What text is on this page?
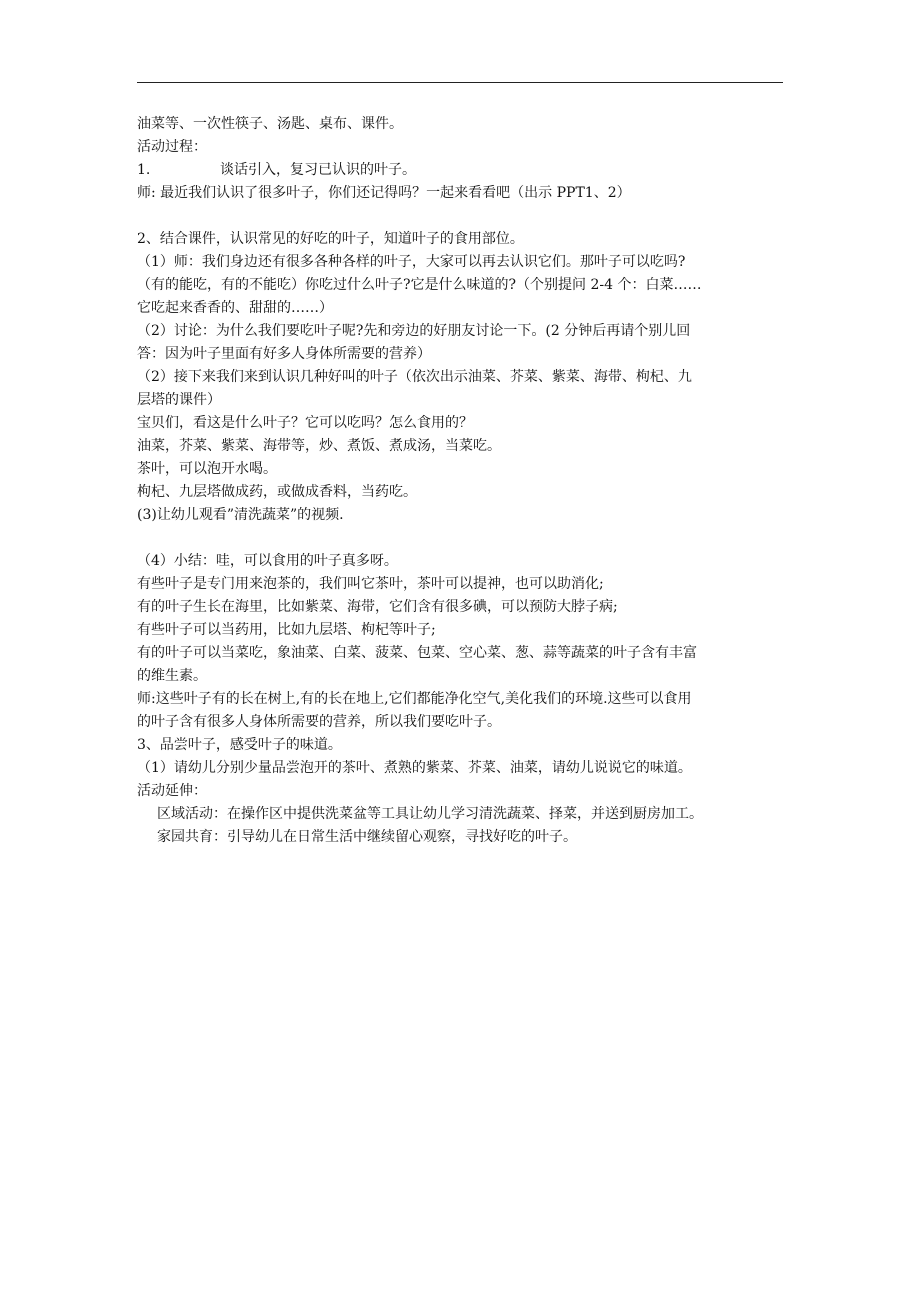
油菜等、一次性筷子、汤匙、桌布、课件。

活动过程：

1.	谈话引入，复习已认识的叶子。

师: 最近我们认识了很多叶子，你们还记得吗？一起来看看吧（出示 PPT1、2）

2、结合课件，认识常见的好吃的叶子，知道叶子的食用部位。

（1）师：我们身边还有很多各种各样的叶子，大家可以再去认识它们。那叶子可以吃吗?

（有的能吃，有的不能吃）你吃过什么叶子?它是什么味道的?（个别提问 2-4 个：白菜……

它吃起来香香的、甜甜的……）

（2）讨论：为什么我们要吃叶子呢?先和旁边的好朋友讨论一下。(2 分钟后再请个别儿回

答：因为叶子里面有好多人身体所需要的营养）

（2）接下来我们来到认识几种好叫的叶子（依次出示油菜、芥菜、紫菜、海带、枸杞、九

层塔的课件）

宝贝们，看这是什么叶子？它可以吃吗？怎么食用的？

油菜，芥菜、紫菜、海带等，炒、煮饭、煮成汤，当菜吃。

茶叶，可以泡开水喝。

枸杞、九层塔做成药，或做成香料，当药吃。

(3)让幼儿观看”清洗蔬菜”的视频.

（4）小结：哇，可以食用的叶子真多呀。

有些叶子是专门用来泡茶的，我们叫它茶叶，茶叶可以提神，也可以助消化;

有的叶子生长在海里，比如紫菜、海带，它们含有很多碘，可以预防大脖子病;

有些叶子可以当药用，比如九层塔、枸杞等叶子;

有的叶子可以当菜吃，象油菜、白菜、菠菜、包菜、空心菜、葱、蒜等蔬菜的叶子含有丰富

的维生素。

师:这些叶子有的长在树上,有的长在地上,它们都能净化空气,美化我们的环境.这些可以食用

的叶子含有很多人身体所需要的营养，所以我们要吃叶子。

3、品尝叶子，感受叶子的味道。

（1）请幼儿分别少量品尝泡开的茶叶、煮熟的紫菜、芥菜、油菜，请幼儿说说它的味道。

活动延伸：

区域活动：在操作区中提供洗菜盆等工具让幼儿学习清洗蔬菜、择菜，并送到厨房加工。

家园共育：引导幼儿在日常生活中继续留心观察，寻找好吃的叶子。
